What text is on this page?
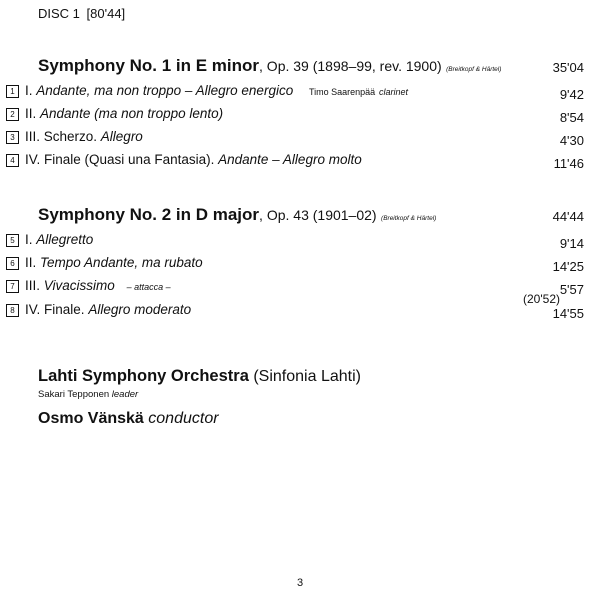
DISC 1 [80'44]
Symphony No. 1 in E minor, Op. 39 (1898–99, rev. 1900) (Breitkopf & Härtel)	35'04
1 I. Andante, ma non troppo – Allegro energico Timo Saarenpää clarinet	9'42
2 II. Andante (ma non troppo lento)	8'54
3 III. Scherzo. Allegro	4'30
4 IV. Finale (Quasi una Fantasia). Andante – Allegro molto	11'46
Symphony No. 2 in D major, Op. 43 (1901–02) (Breitkopf & Härtel)	44'44
5 I. Allegretto	9'14
6 II. Tempo Andante, ma rubato	14'25
7 III. Vivacissimo – attacca –	5'57
(20'52)
8 IV. Finale. Allegro moderato	14'55
Lahti Symphony Orchestra (Sinfonia Lahti)
Sakari Tepponen leader
Osmo Vänskä conductor
3
